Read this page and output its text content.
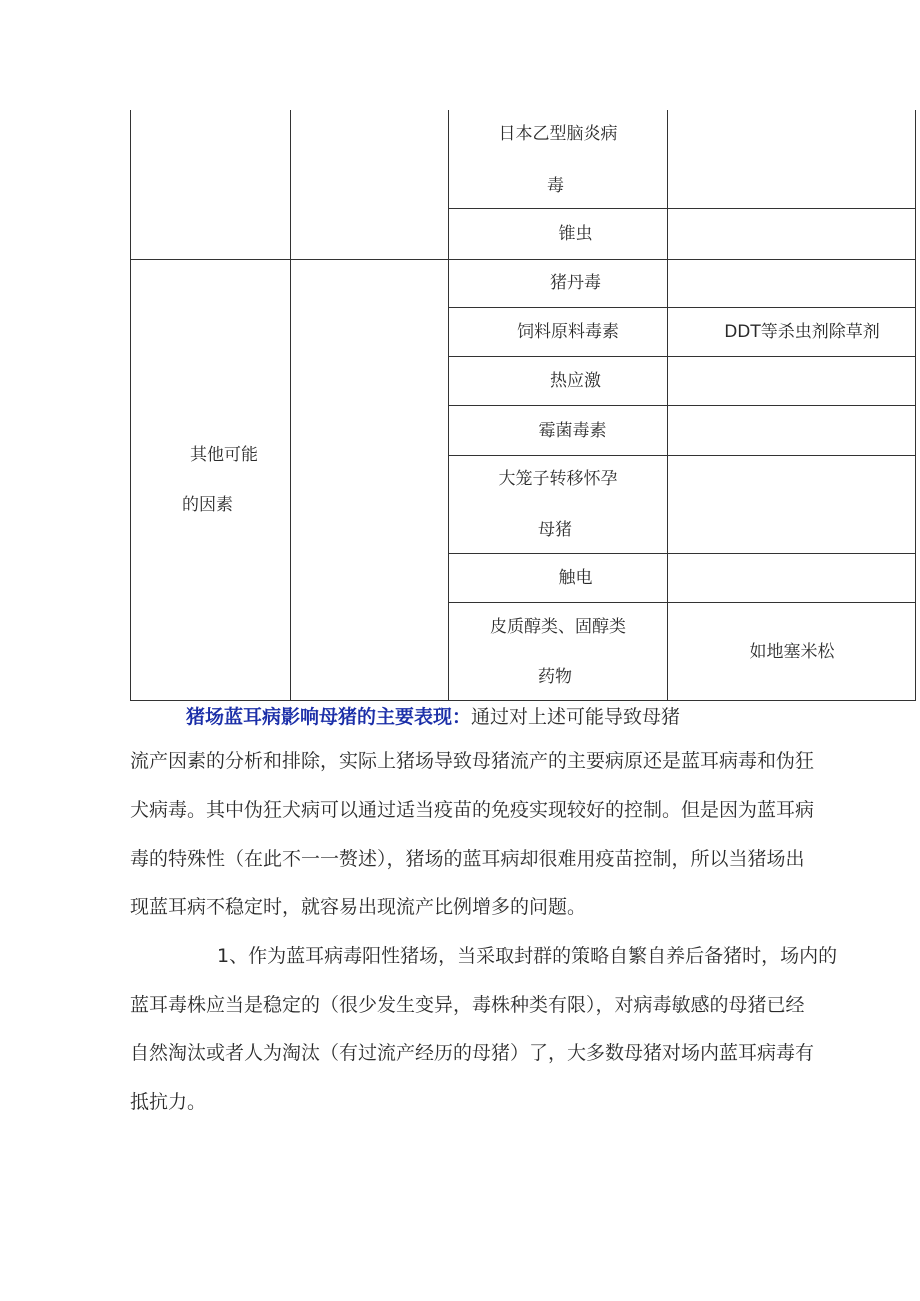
日本乙型脑炎病
毒
锥虫
猪丹毒
饲料原料毒素	DDT等杀虫剂除草剂
热应激
霉菌毒素
大笼子转移怀孕
母猪
触电
皮质醇类、固醇类
药物
如地塞米松
其他可能
的因素
猪场蓝耳病影响母猪的主要表现：通过对上述可能导致母猪
流产因素的分析和排除，实际上猪场导致母猪流产的主要病原还是蓝耳病毒和伪狂
犬病毒。其中伪狂犬病可以通过适当疫苗的免疫实现较好的控制。但是因为蓝耳病
毒的特殊性（在此不一一赘述），猪场的蓝耳病却很难用疫苗控制，所以当猪场出
现蓝耳病不稳定时，就容易出现流产比例增多的问题。
1、作为蓝耳病毒阳性猪场，当采取封群的策略自繁自养后备猪时，场内的
蓝耳毒株应当是稳定的（很少发生变异，毒株种类有限），对病毒敏感的母猪已经
自然淘汰或者人为淘汰（有过流产经历的母猪）了，大多数母猪对场内蓝耳病毒有
抵抗力。
